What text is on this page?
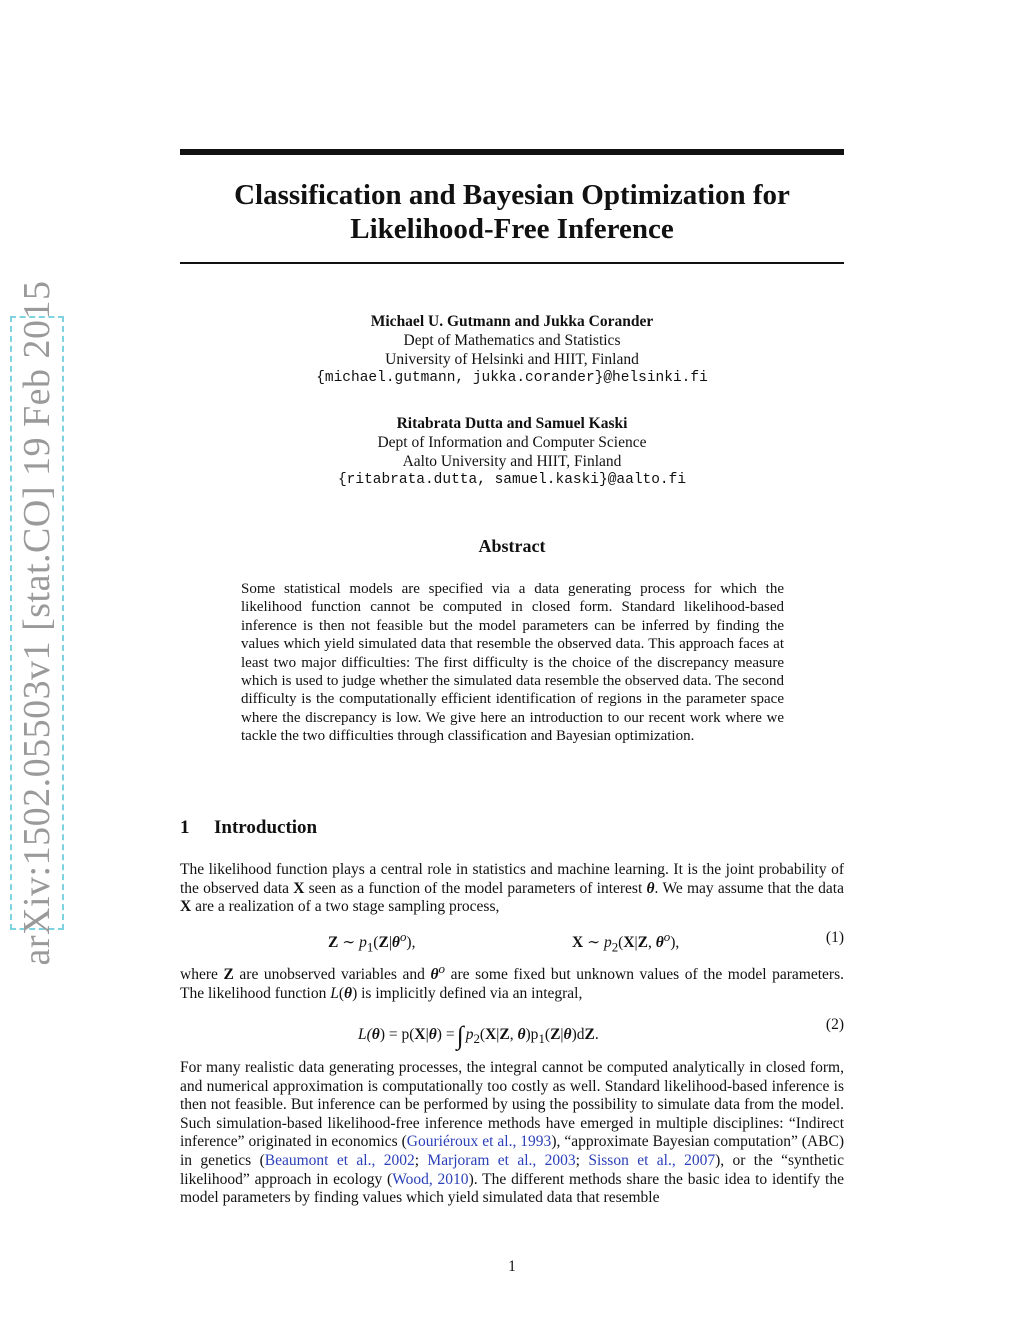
arXiv:1502.05503v1 [stat.CO] 19 Feb 2015
Classification and Bayesian Optimization for
Likelihood-Free Inference
Michael U. Gutmann and Jukka Corander
Dept of Mathematics and Statistics
University of Helsinki and HIIT, Finland
{michael.gutmann, jukka.corander}@helsinki.fi
Ritabrata Dutta and Samuel Kaski
Dept of Information and Computer Science
Aalto University and HIIT, Finland
{ritabrata.dutta, samuel.kaski}@aalto.fi
Abstract
Some statistical models are specified via a data generating process for which the likelihood function cannot be computed in closed form. Standard likelihood-based inference is then not feasible but the model parameters can be inferred by finding the values which yield simulated data that resemble the observed data. This approach faces at least two major difficulties: The first difficulty is the choice of the discrepancy measure which is used to judge whether the simulated data resemble the observed data. The second difficulty is the computationally efficient identification of regions in the parameter space where the discrepancy is low. We give here an introduction to our recent work where we tackle the two difficulties through classification and Bayesian optimization.
1 Introduction
The likelihood function plays a central role in statistics and machine learning. It is the joint probability of the observed data X seen as a function of the model parameters of interest θ. We may assume that the data X are a realization of a two stage sampling process,
Z ∼ $p_1(Z|\theta^o)$,	X ∼ $p_2(X|Z$, $\theta^o$),	(1)
where Z are unobserved variables and $\theta^o$ are some fixed but unknown values of the model parameters. The likelihood function L(θ) is implicitly defined via an integral,
L(θ) = p(X|θ) =∫ $p_2(X|Z$, $\theta)p_1(Z|\theta)dZ$.
(2)
For many realistic data generating processes, the integral cannot be computed analytically in closed form, and numerical approximation is computationally too costly as well. Standard likelihood-based inference is then not feasible. But inference can be performed by using the possibility to simulate data from the model. Such simulation-based likelihood-free inference methods have emerged in multiple disciplines: “Indirect inference” originated in economics (Gouriéroux et al., 1993), “approximate Bayesian computation” (ABC) in genetics (Beaumont et al., 2002; Marjoram et al., 2003; Sisson et al., 2007), or the “synthetic likelihood” approach in ecology (Wood, 2010). The different methods share the basic idea to identify the model parameters by finding values which yield simulated data that resemble
1
